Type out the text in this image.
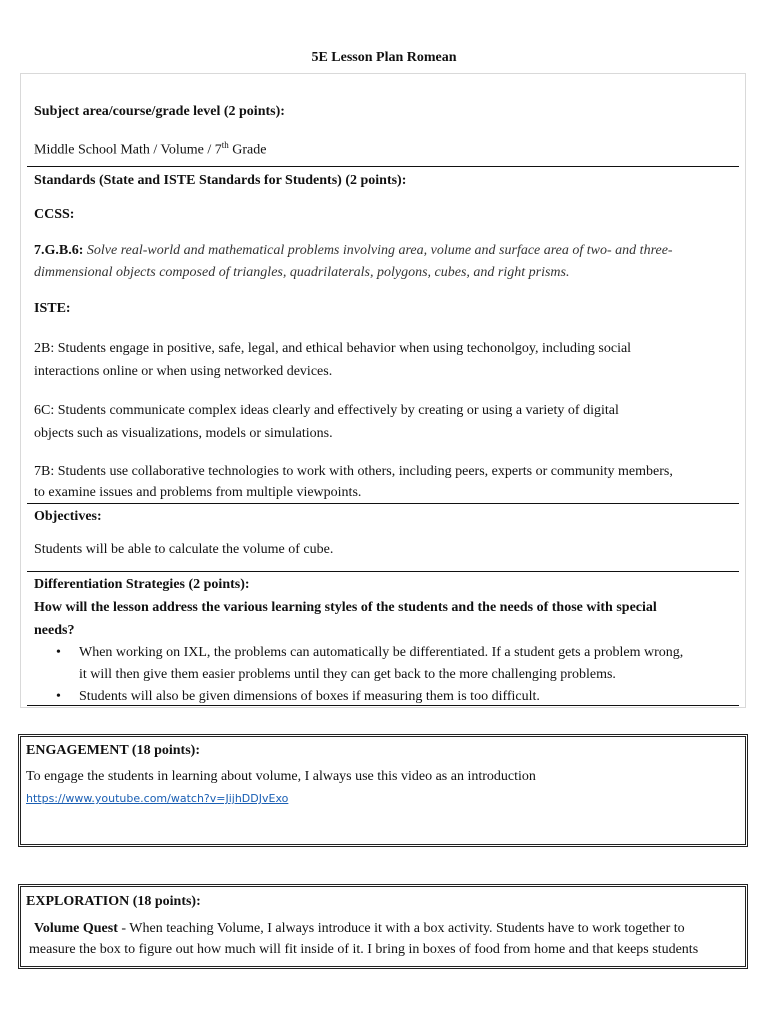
5E Lesson Plan Romean
Subject area/course/grade level (2 points):
Middle School Math / Volume / 7th Grade
Standards (State and ISTE Standards for Students) (2 points):
CCSS:
7.G.B.6: Solve real-world and mathematical problems involving area, volume and surface area of two- and three-
dimmensional objects composed of triangles, quadrilaterals, polygons, cubes, and right prisms.
ISTE:
2B: Students engage in positive, safe, legal, and ethical behavior when using techonolgoy, including social
interactions online or when using networked devices.
6C: Students communicate complex ideas clearly and effectively by creating or using a variety of digital
objects such as visualizations, models or simulations.
7B: Students use collaborative technologies to work with others, including peers, experts or community members,
to examine issues and problems from multiple viewpoints.
Objectives:
Students will be able to calculate the volume of cube.
Differentiation Strategies (2 points):
How will the lesson address the various learning styles of the students and the needs of those with special
needs?
• When working on IXL, the problems can automatically be differentiated. If a student gets a problem wrong,
it will then give them easier problems until they can get back to the more challenging problems.
• Students will also be given dimensions of boxes if measuring them is too difficult.
ENGAGEMENT (18 points):
To engage the students in learning about volume, I always use this video as an introduction
https://www.youtube.com/watch?v=JijhDDJvExo
EXPLORATION (18 points):
Volume Quest - When teaching Volume, I always introduce it with a box activity. Students have to work together to
measure the box to figure out how much will fit inside of it. I bring in boxes of food from home and that keeps students
